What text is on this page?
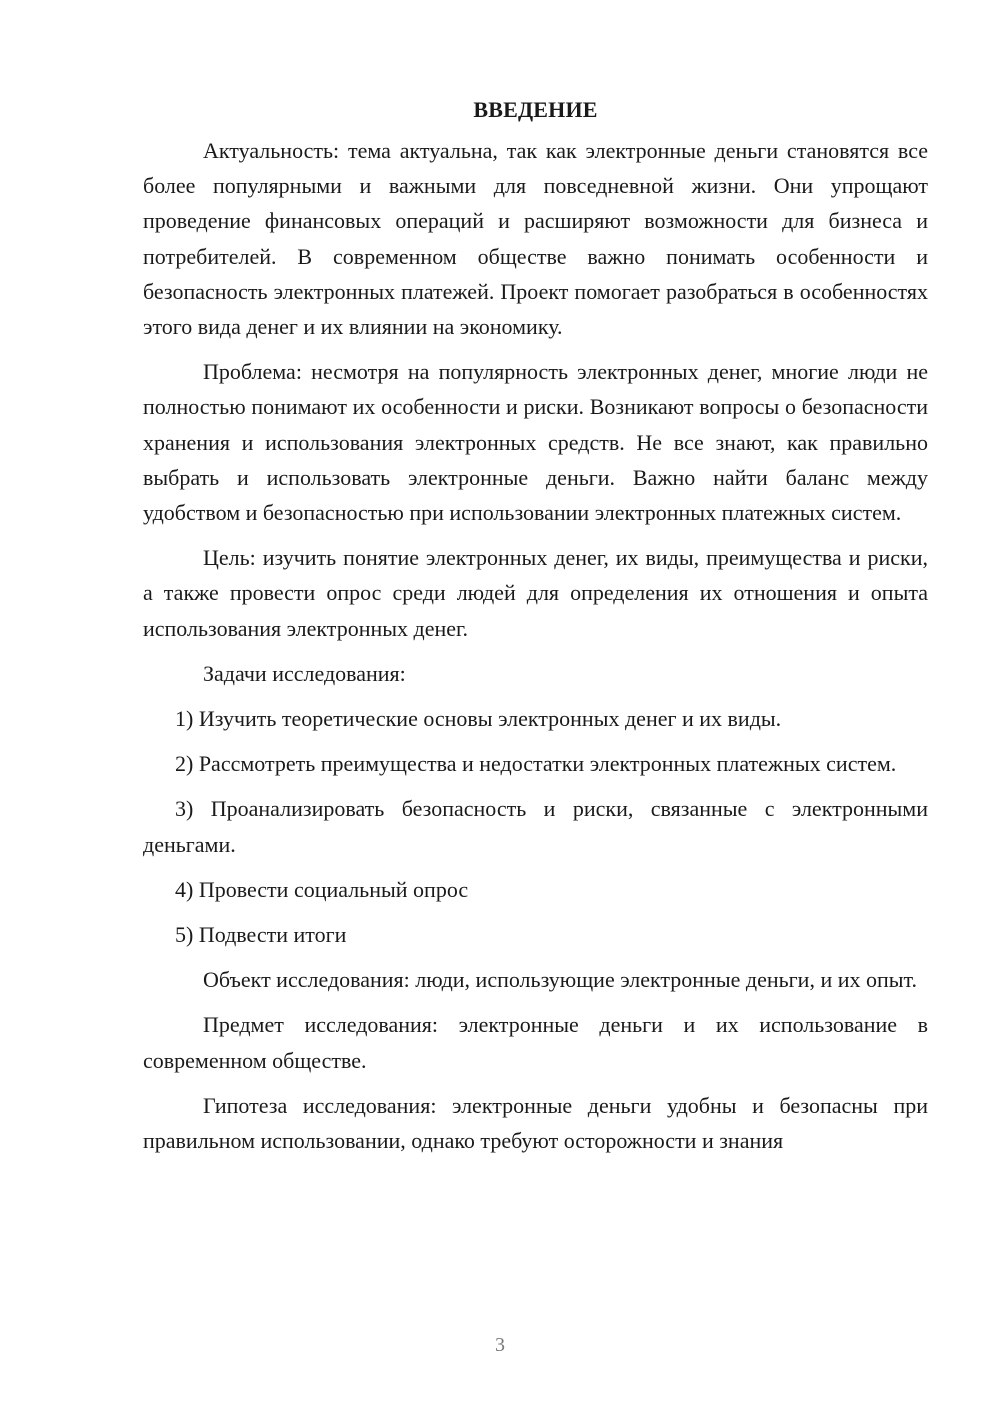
ВВЕДЕНИЕ

Актуальность: тема актуальна, так как электронные деньги становятся все более популярными и важными для повседневной жизни. Они упрощают проведение финансовых операций и расширяют возможности для бизнеса и потребителей. В современном обществе важно понимать особенности и безопасность электронных платежей. Проект помогает разобраться в особенностях этого вида денег и их влиянии на экономику.

Проблема: несмотря на популярность электронных денег, многие люди не полностью понимают их особенности и риски. Возникают вопросы о безопасности хранения и использования электронных средств. Не все знают, как правильно выбрать и использовать электронные деньги. Важно найти баланс между удобством и безопасностью при использовании электронных платежных систем.

Цель: изучить понятие электронных денег, их виды, преимущества и риски, а также провести опрос среди людей для определения их отношения и опыта использования электронных денег.

Задачи исследования:

1) Изучить теоретические основы электронных денег и их виды.

2) Рассмотреть преимущества и недостатки электронных платежных систем.

3) Проанализировать безопасность и риски, связанные с электронными деньгами.

4) Провести социальный опрос

5) Подвести итоги

Объект исследования: люди, использующие электронные деньги, и их опыт.

Предмет исследования: электронные деньги и их использование в современном обществе.

Гипотеза исследования: электронные деньги удобны и безопасны при правильном использовании, однако требуют осторожности и знания

3
